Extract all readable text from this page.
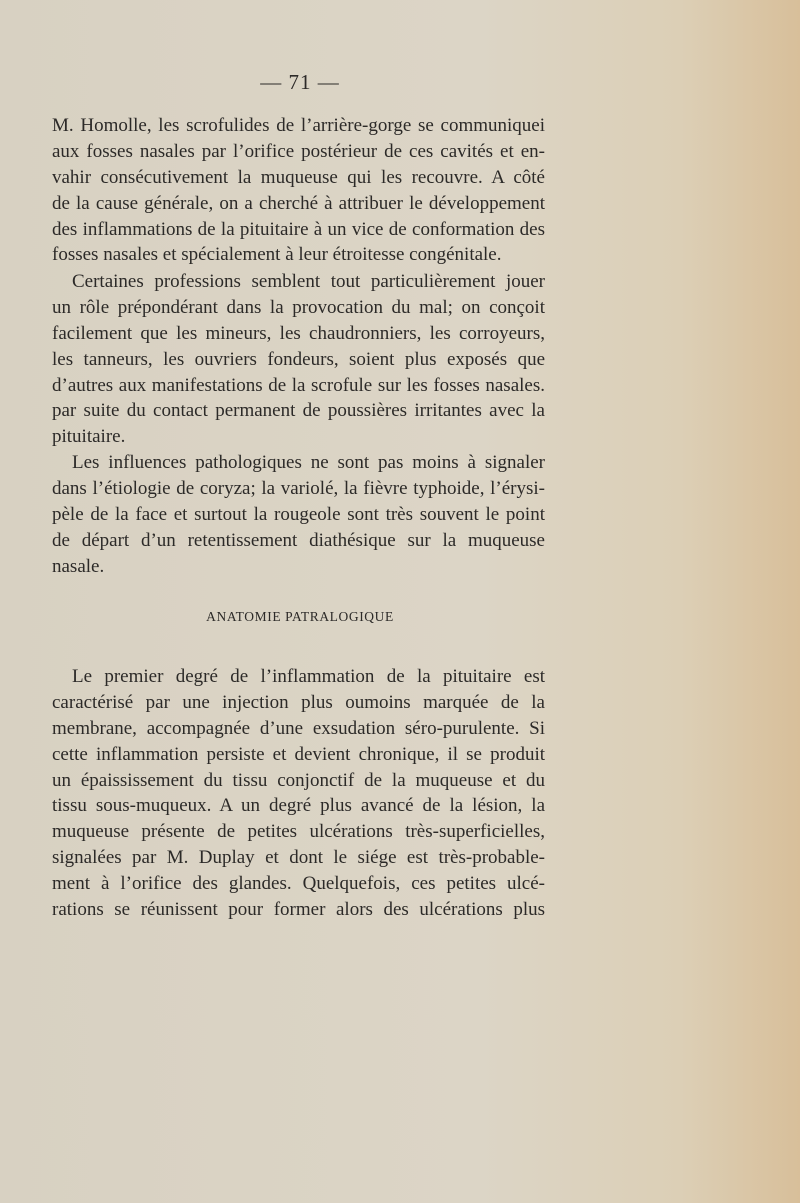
— 71 —
M. Homolle, les scrofulides de l’arrière-gorge se communiquei
aux fosses nasales par l’orifice postérieur de ces cavités et en-
vahir consécutivement la muqueuse qui les recouvre. A côté
de la cause générale, on a cherché à attribuer le développement
des inflammations de la pituitaire à un vice de conformation des
fosses nasales et spécialement à leur étroitesse congénitale.
Certaines professions semblent tout particulièrement jouer
un rôle prépondérant dans la provocation du mal; on conçoit
facilement que les mineurs, les chaudronniers, les corroyeurs,
les tanneurs, les ouvriers fondeurs, soient plus exposés que
d’autres aux manifestations de la scrofule sur les fosses nasales.
par suite du contact permanent de poussières irritantes avec la
pituitaire.
Les influences pathologiques ne sont pas moins à signaler
dans l’étiologie de coryza; la variolé, la fièvre typhoide, l’érysi-
pèle de la face et surtout la rougeole sont très souvent le point
de départ d’un retentissement diathésique sur la muqueuse
nasale.
ANATOMIE PATRALOGIQUE
Le premier degré de l’inflammation de la pituitaire est
caractérisé par une injection plus oumoins marquée de la
membrane, accompagnée d’une exsudation séro-purulente. Si
cette inflammation persiste et devient chronique, il se produit
un épaississement du tissu conjonctif de la muqueuse et du
tissu sous-muqueux. A un degré plus avancé de la lésion, la
muqueuse présente de petites ulcérations très-superficielles,
signalées par M. Duplay et dont le siége est très-probable-
ment à l’orifice des glandes. Quelquefois, ces petites ulcé-
rations se réunissent pour former alors des ulcérations plus
